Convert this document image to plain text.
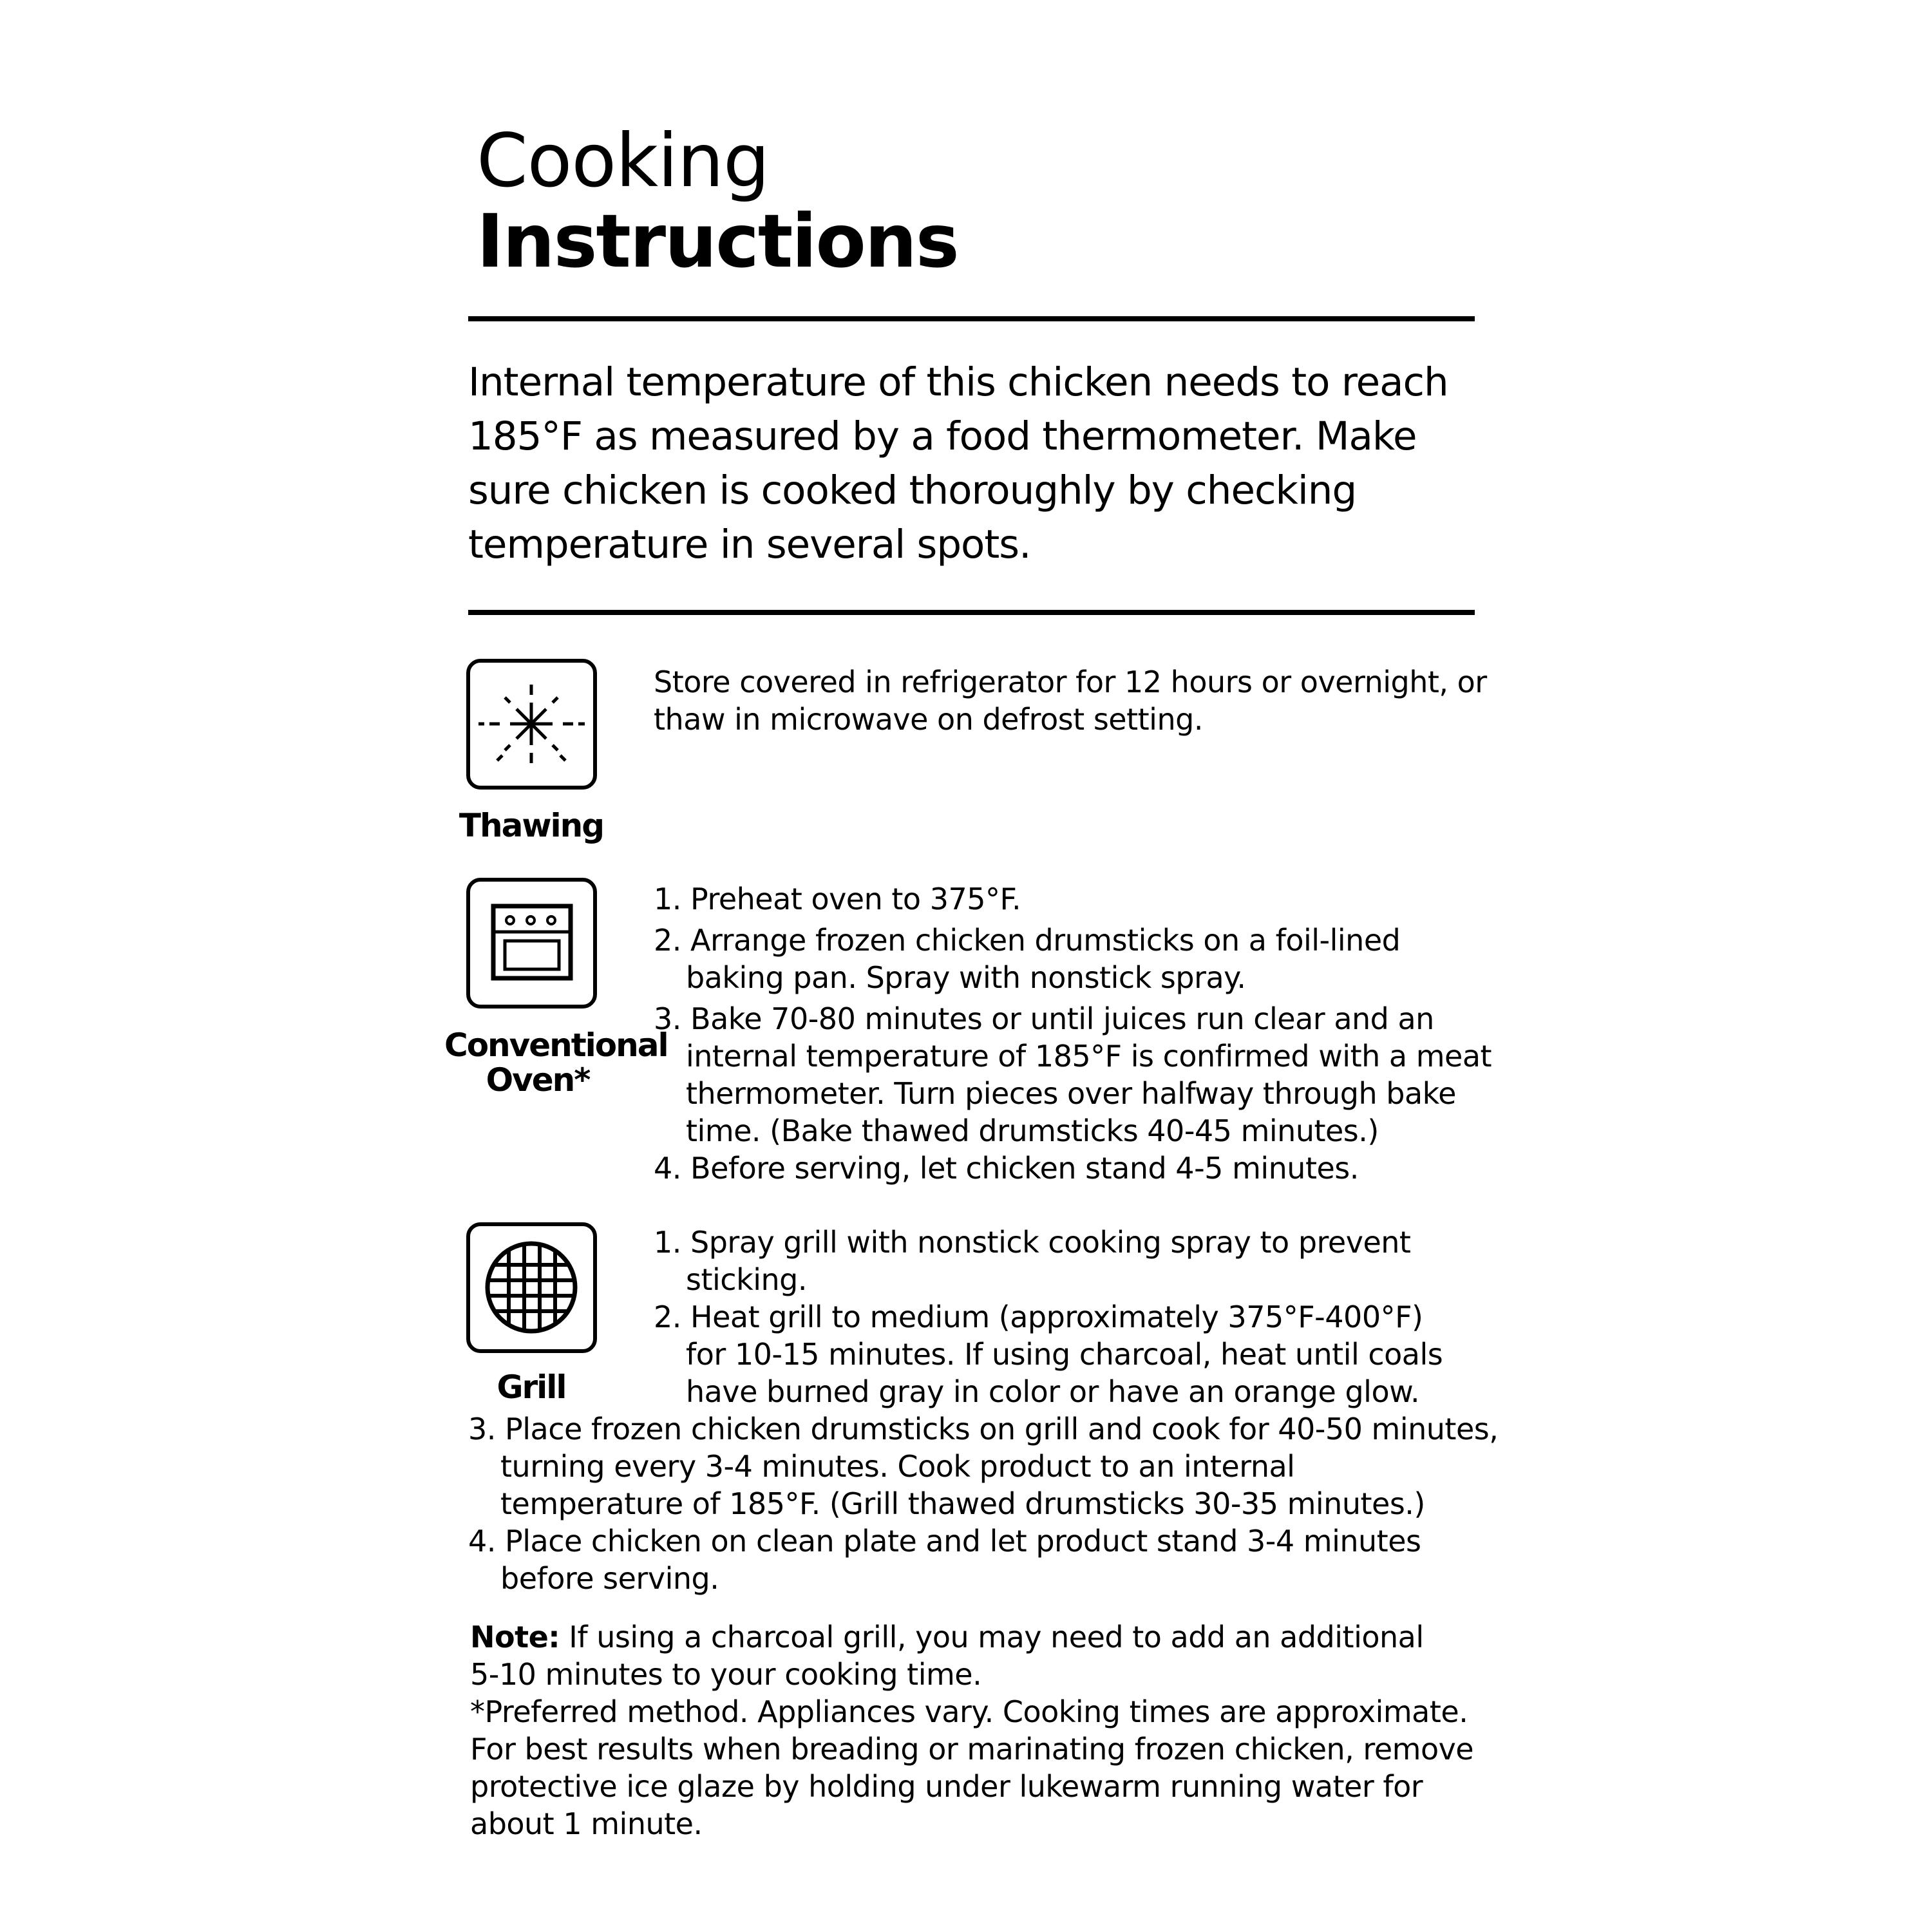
Cooking
Instructions
Internal temperature of this chicken needs to reach
185°F as measured by a food thermometer. Make
sure chicken is cooked thoroughly by checking
temperature in several spots.
Thawing
Store covered in refrigerator for 12 hours or overnight, or
thaw in microwave on defrost setting.
Conventional
Oven*
1. Preheat oven to 375°F.
2. Arrange frozen chicken drumsticks on a foil-lined
baking pan. Spray with nonstick spray.
3. Bake 70-80 minutes or until juices run clear and an
internal temperature of 185°F is confirmed with a meat
thermometer. Turn pieces over halfway through bake
time. (Bake thawed drumsticks 40-45 minutes.)
4. Before serving, let chicken stand 4-5 minutes.
Grill
1. Spray grill with nonstick cooking spray to prevent
sticking.
2. Heat grill to medium (approximately 375°F-400°F)
for 10-15 minutes. If using charcoal, heat until coals
have burned gray in color or have an orange glow.
3. Place frozen chicken drumsticks on grill and cook for 40-50 minutes,
turning every 3-4 minutes. Cook product to an internal
temperature of 185°F. (Grill thawed drumsticks 30-35 minutes.)
4. Place chicken on clean plate and let product stand 3-4 minutes
before serving.
Note: If using a charcoal grill, you may need to add an additional
5-10 minutes to your cooking time.
*Preferred method. Appliances vary. Cooking times are approximate.
For best results when breading or marinating frozen chicken, remove
protective ice glaze by holding under lukewarm running water for
about 1 minute.
